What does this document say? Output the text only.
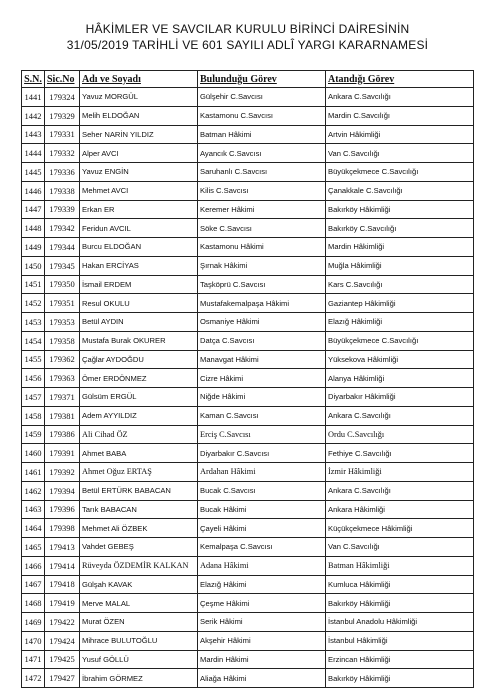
HÂKİMLER VE SAVCILAR KURULU BİRİNCİ DAİRESİNİN
31/05/2019 TARİHLİ VE 601 SAYILI ADLÎ YARGI KARARNAMESİ
S.N.	Sic.No	Adı ve Soyadı	Bulunduğu Görev	Atandığı Görev
1441	179324	Yavuz MORGÜL	Gülşehir C.Savcısı	Ankara C.Savcılığı
1442	179329	Melih ELDOĞAN	Kastamonu C.Savcısı	Mardin C.Savcılığı
1443	179331	Seher NARİN YILDIZ	Batman Hâkimi	Artvin Hâkimliği
1444	179332	Alper AVCI	Ayancık C.Savcısı	Van C.Savcılığı
1445	179336	Yavuz ENGİN	Saruhanlı C.Savcısı	Büyükçekmece C.Savcılığı
1446	179338	Mehmet AVCI	Kilis C.Savcısı	Çanakkale C.Savcılığı
1447	179339	Erkan ER	Keremer Hâkimi	Bakırköy Hâkimliği
1448	179342	Feridun AVCIL	Söke C.Savcısı	Bakırköy C.Savcılığı
1449	179344	Burcu ELDOĞAN	Kastamonu Hâkimi	Mardin Hâkimliği
1450	179345	Hakan ERCİYAS	Şırnak Hâkimi	Muğla Hâkimliği
1451	179350	İsmail ERDEM	Taşköprü C.Savcısı	Kars C.Savcılığı
1452	179351	Resul OKULU	Mustafakemalpaşa Hâkimi	Gaziantep Hâkimliği
1453	179353	Betül AYDIN	Osmaniye Hâkimi	Elazığ Hâkimliği
1454	179358	Mustafa Burak OKURER	Datça C.Savcısı	Büyükçekmece C.Savcılığı
1455	179362	Çağlar AYDOĞDU	Manavgat Hâkimi	Yüksekova Hâkimliği
1456	179363	Ömer ERDÖNMEZ	Cizre Hâkimi	Alanya Hâkimliği
1457	179371	Gülsüm ERGÜL	Niğde Hâkimi	Diyarbakır Hâkimliği
1458	179381	Adem AYYILDIZ	Kaman C.Savcısı	Ankara C.Savcılığı
1459	179386	Ali Cihad ÖZ	Erciş C.Savcısı	Ordu C.Savcılığı
1460	179391	Ahmet BABA	Diyarbakır C.Savcısı	Fethiye C.Savcılığı
1461	179392	Ahmet Oğuz ERTAŞ	Ardahan Hâkimi	İzmir Hâkimliği
1462	179394	Betül ERTÜRK BABACAN	Bucak C.Savcısı	Ankara C.Savcılığı
1463	179396	Tarık BABACAN	Bucak Hâkimi	Ankara Hâkimliği
1464	179398	Mehmet Ali ÖZBEK	Çayeli Hâkimi	Küçükçekmece Hâkimliği
1465	179413	Vahdet GEBEŞ	Kemalpaşa C.Savcısı	Van C.Savcılığı
1466	179414	Rüveyda ÖZDEMİR KALKAN	Adana Hâkimi	Batman Hâkimliği
1467	179418	Gülşah KAVAK	Elazığ Hâkimi	Kumluca Hâkimliği
1468	179419	Merve MALAL	Çeşme Hâkimi	Bakırköy Hâkimliği
1469	179422	Murat ÖZEN	Serik Hâkimi	İstanbul Anadolu Hâkimliği
1470	179424	Mihrace BULUTOĞLU	Akşehir Hâkimi	İstanbul Hâkimliği
1471	179425	Yusuf GÖLLÜ	Mardin Hâkimi	Erzincan Hâkimliği
1472	179427	İbrahim GÖRMEZ	Aliağa Hâkimi	Bakırköy Hâkimliği
